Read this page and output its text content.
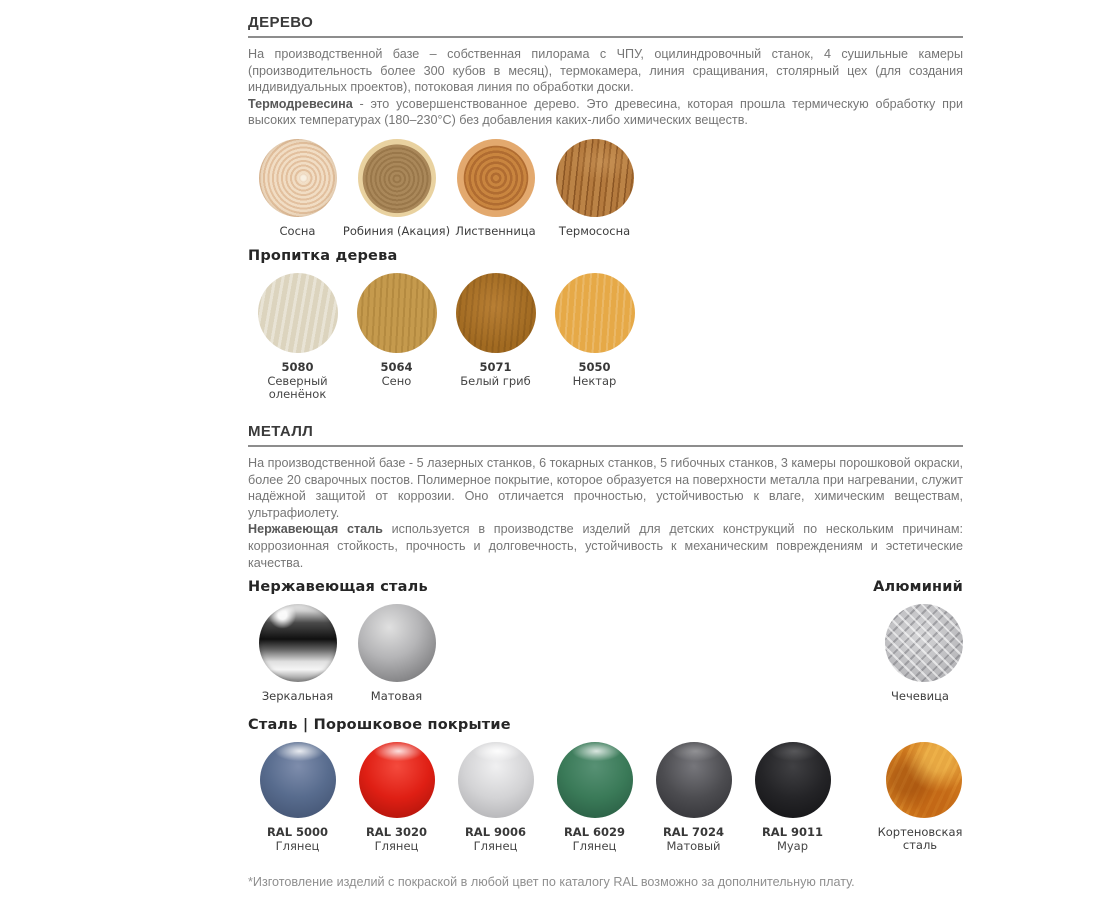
ДЕРЕВО

На производственной базе – собственная пилорама с ЧПУ, оцилиндровочный станок, 4 сушильные камеры (производительность более 300 кубов в месяц), термокамера, линия сращивания, столярный цех (для создания индивидуальных проектов), потоковая линия по обработки доски.

Термодревесина - это усовершенствованное дерево. Это древесина, которая прошла термическую обработку при высоких температурах (180–230°С) без добавления каких-либо химических веществ.

Сосна Робиния (Акация) Лиственница Термососна
Пропитка дерева
5080
Северный оленёнок
5064
Сено
5071
Белый гриб
5050
Нектар
МЕТАЛЛ

На производственной базе - 5 лазерных станков, 6 токарных станков, 5 гибочных станков, 3 камеры порошковой окраски, более 20 сварочных постов. Полимерное покрытие, которое образуется на поверхности металла при нагревании, служит надёжной защитой от коррозии. Оно отличается прочностью, устойчивостью к влаге, химическим веществам, ультрафиолету.

Нержавеющая сталь используется в производстве изделий для детских конструкций по нескольким причинам: коррозионная стойкость, прочность и долговечность, устойчивость к механическим повреждениям и эстетические качества.

Нержавеющая сталь	Алюминий
Зеркальная	Матовая	Чечевица
Сталь | Порошковое покрытие
RAL 5000
Глянец
RAL 3020
Глянец
RAL 9006
Глянец
RAL 6029
Глянец
RAL 7024
Матовый
RAL 9011
Муар
Кортеновская сталь

*Изготовление изделий с покраской в любой цвет по каталогу RAL возможно за дополнительную плату.
